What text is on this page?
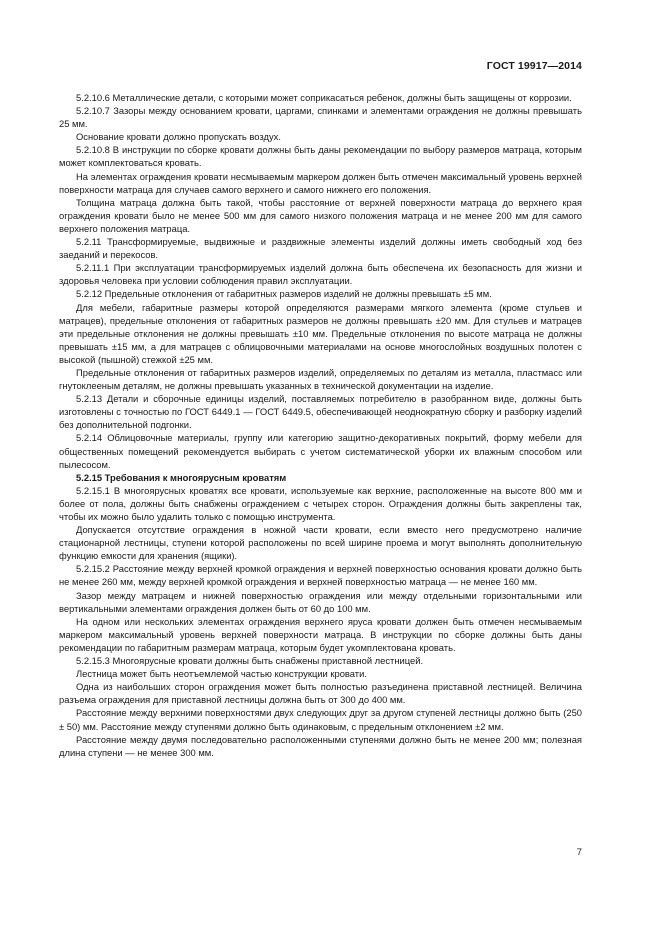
ГОСТ 19917—2014

5.2.10.6 Металлические детали, с которыми может соприкасаться ребенок, должны быть защищены от коррозии.

5.2.10.7 Зазоры между основанием кровати, царгами, спинками и элементами ограждения не должны превышать 25 мм.

Основание кровати должно пропускать воздух.

5.2.10.8 В инструкции по сборке кровати должны быть даны рекомендации по выбору размеров матраца, которым может комплектоваться кровать.

На элементах ограждения кровати несмываемым маркером должен быть отмечен максимальный уровень верхней поверхности матраца для случаев самого верхнего и самого нижнего его положения.

Толщина матраца должна быть такой, чтобы расстояние от верхней поверхности матраца до верхнего края ограждения кровати было не менее 500 мм для самого низкого положения матраца и не менее 200 мм для самого верхнего положения матраца.

5.2.11 Трансформируемые, выдвижные и раздвижные элементы изделий должны иметь свободный ход без заеданий и перекосов.

5.2.11.1 При эксплуатации трансформируемых изделий должна быть обеспечена их безопасность для жизни и здоровья человека при условии соблюдения правил эксплуатации.

5.2.12 Предельные отклонения от габаритных размеров изделий не должны превышать ±5 мм.

Для мебели, габаритные размеры которой определяются размерами мягкого элемента (кроме стульев и матрацев), предельные отклонения от габаритных размеров не должны превышать ±20 мм. Для стульев и матрацев эти предельные отклонения не должны превышать ±10 мм. Предельные отклонения по высоте матраца не должны превышать ±15 мм, а для матрацев с облицовочными материалами на основе многослойных воздушных полотен с высокой (пышной) стежкой ±25 мм.

Предельные отклонения от габаритных размеров изделий, определяемых по деталям из металла, пластмасс или гнутоклееным деталям, не должны превышать указанных в технической документации на изделие.

5.2.13 Детали и сборочные единицы изделий, поставляемых потребителю в разобранном виде, должны быть изготовлены с точностью по ГОСТ 6449.1 — ГОСТ 6449.5, обеспечивающей неоднократную сборку и разборку изделий без дополнительной подгонки.

5.2.14 Облицовочные материалы, группу или категорию защитно-декоративных покрытий, форму мебели для общественных помещений рекомендуется выбирать с учетом систематической уборки их влажным способом или пылесосом.

5.2.15 Требования к многоярусным кроватям

5.2.15.1 В многоярусных кроватях все кровати, используемые как верхние, расположенные на высоте 800 мм и более от пола, должны быть снабжены ограждением с четырех сторон. Ограждения должны быть закреплены так, чтобы их можно было удалить только с помощью инструмента.

Допускается отсутствие ограждения в ножной части кровати, если вместо него предусмотрено наличие стационарной лестницы, ступени которой расположены по всей ширине проема и могут выполнять дополнительную функцию емкости для хранения (ящики).

5.2.15.2 Расстояние между верхней кромкой ограждения и верхней поверхностью основания кровати должно быть не менее 260 мм, между верхней кромкой ограждения и верхней поверхностью матраца — не менее 160 мм.

Зазор между матрацем и нижней поверхностью ограждения или между отдельными горизонтальными или вертикальными элементами ограждения должен быть от 60 до 100 мм.

На одном или нескольких элементах ограждения верхнего яруса кровати должен быть отмечен несмываемым маркером максимальный уровень верхней поверхности матраца. В инструкции по сборке должны быть даны рекомендации по габаритным размерам матраца, которым будет укомплектована кровать.

5.2.15.3 Многоярусные кровати должны быть снабжены приставной лестницей.

Лестница может быть неотъемлемой частью конструкции кровати.

Одна из наибольших сторон ограждения может быть полностью разъединена приставной лестницей. Величина разъема ограждения для приставной лестницы должна быть от 300 до 400 мм.

Расстояние между верхними поверхностями двух следующих друг за другом ступеней лестницы должно быть (250 ± 50) мм. Расстояние между ступенями должно быть одинаковым, с предельным отклонением ±2 мм.

Расстояние между двумя последовательно расположенными ступенями должно быть не менее 200 мм; полезная длина ступени — не менее 300 мм.

7
